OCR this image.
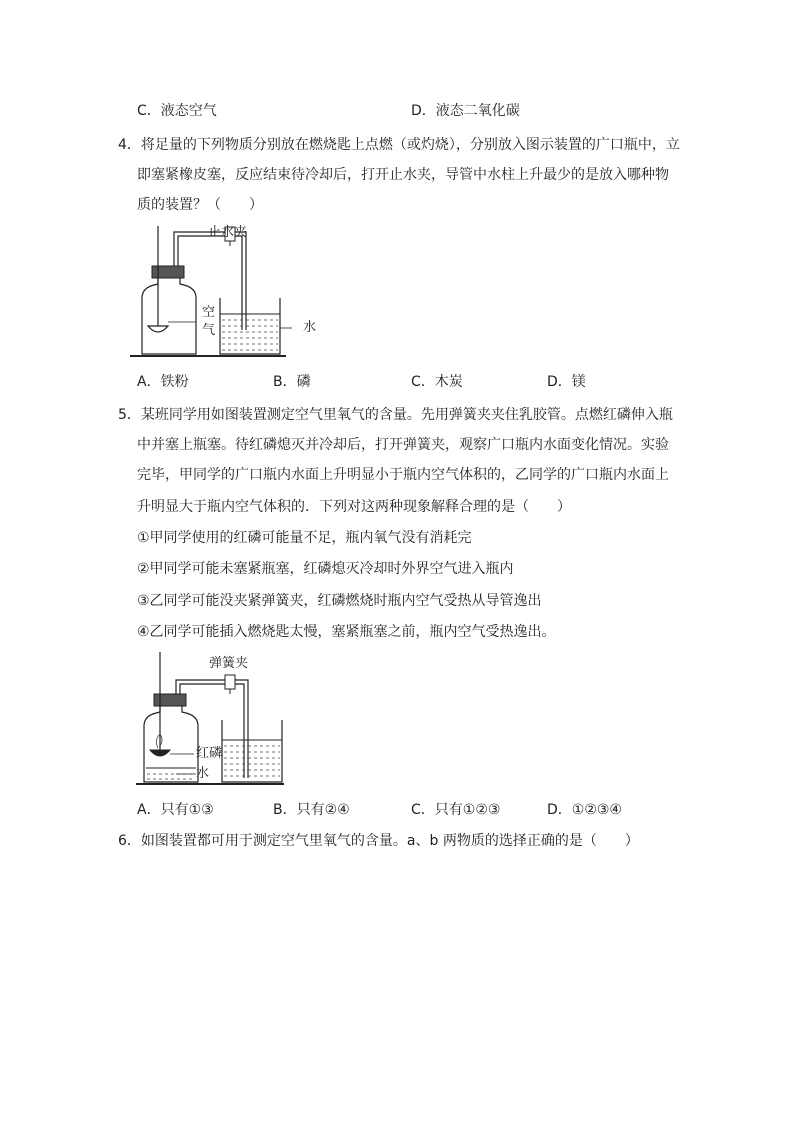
C．液态空气	D．液态二氧化碳
4．将足量的下列物质分别放在燃烧匙上点燃（或灼烧），分别放入图示装置的广口瓶中，立
即塞紧橡皮塞，反应结束待冷却后，打开止水夹，导管中水柱上升最少的是放入哪种物
质的装置？（　　）
止水夹
空
气	水
A．铁粉	B．磷	C．木炭	D．镁
5．某班同学用如图装置测定空气里氧气的含量。先用弹簧夹夹住乳胶管。点燃红磷伸入瓶
中并塞上瓶塞。待红磷熄灭并冷却后，打开弹簧夹，观察广口瓶内水面变化情况。实验
完毕，甲同学的广口瓶内水面上升明显小于瓶内空气体积的，乙同学的广口瓶内水面上
升明显大于瓶内空气体积的．下列对这两种现象解释合理的是（　　）
①甲同学使用的红磷可能量不足，瓶内氧气没有消耗完
②甲同学可能未塞紧瓶塞，红磷熄灭冷却时外界空气进入瓶内
③乙同学可能没夹紧弹簧夹，红磷燃烧时瓶内空气受热从导管逸出
④乙同学可能插入燃烧匙太慢，塞紧瓶塞之前，瓶内空气受热逸出。
弹簧夹
红磷
水
A．只有①③	B．只有②④	C．只有①②③	D．①②③④
6．如图装置都可用于测定空气里氧气的含量。a、b 两物质的选择正确的是（　　）
